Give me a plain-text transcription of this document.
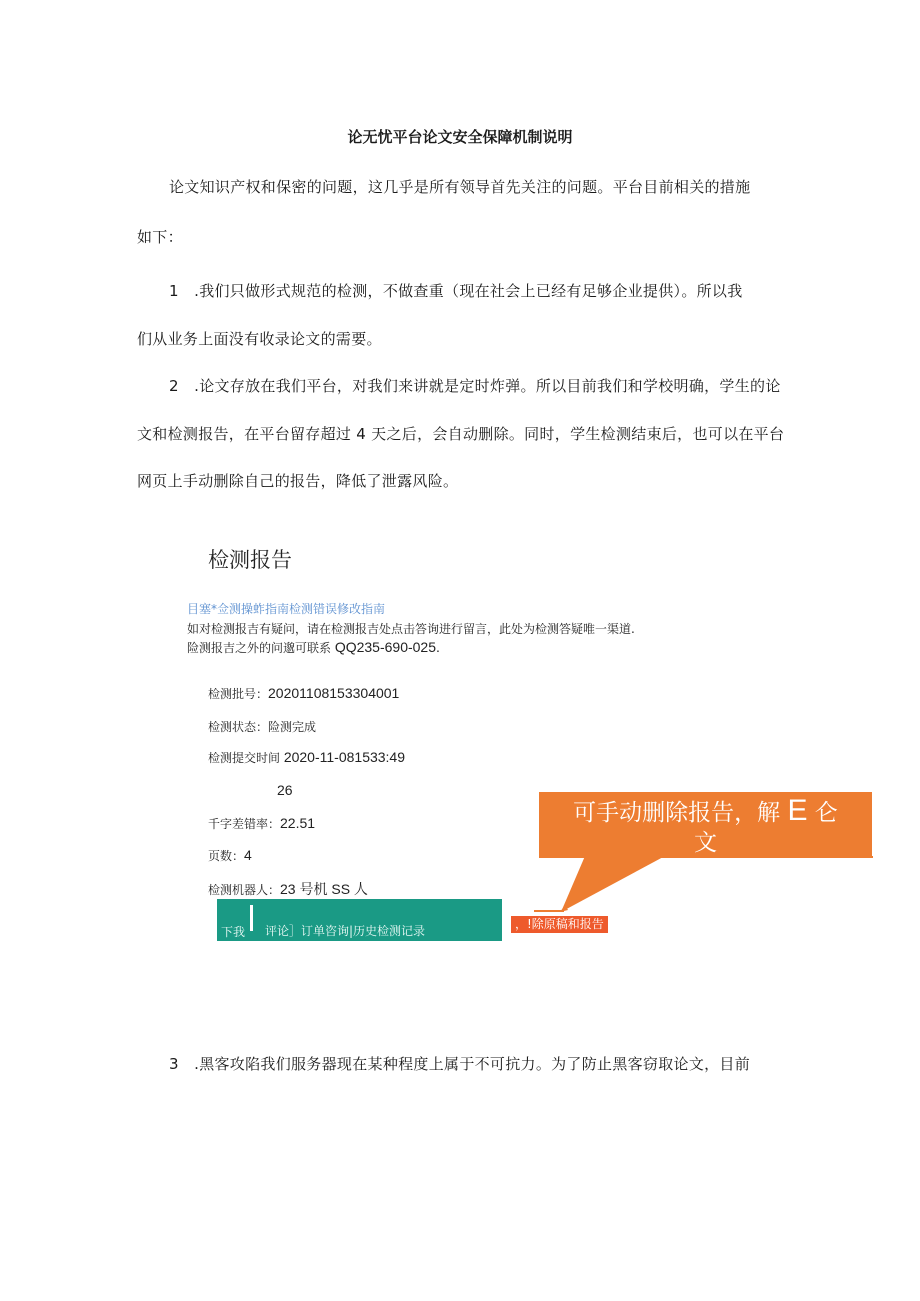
论无忧平台论文安全保障机制说明
论文知识产权和保密的问题，这几乎是所有领导首先关注的问题。平台目前相关的措施
如下：
1　.我们只做形式规范的检测，不做查重（现在社会上已经有足够企业提供）。所以我
们从业务上面没有收录论文的需要。
2　.论文存放在我们平台，对我们来讲就是定时炸弹。所以目前我们和学校明确，学生的论
文和检测报告，在平台留存超过 4 天之后，会自动删除。同时，学生检测结束后，也可以在平台
网页上手动删除自己的报告，降低了泄露风险。
检测报告
目塞*佥测操蚱指南检测错误修改指南
如对检测报吉有疑问，请在检测报吉处点击答询进行留言，此处为检测答疑唯一渠道.
险测报吉之外的问邈可联系 QQ235-690-025.
检测批号：20201108153304001
检测状态：险测完成
检测提交时间 2020-11-081533:49
26
千字差错率：22.51
页数：4
检测机器人：23 号机 SS 人
下我 评论］订单咨询|历史检测记录	，!除原稿和报告
可手动删除报告，解 E 仑
文
3　.黑客攻陷我们服务器现在某种程度上属于不可抗力。为了防止黑客窃取论文，目前
